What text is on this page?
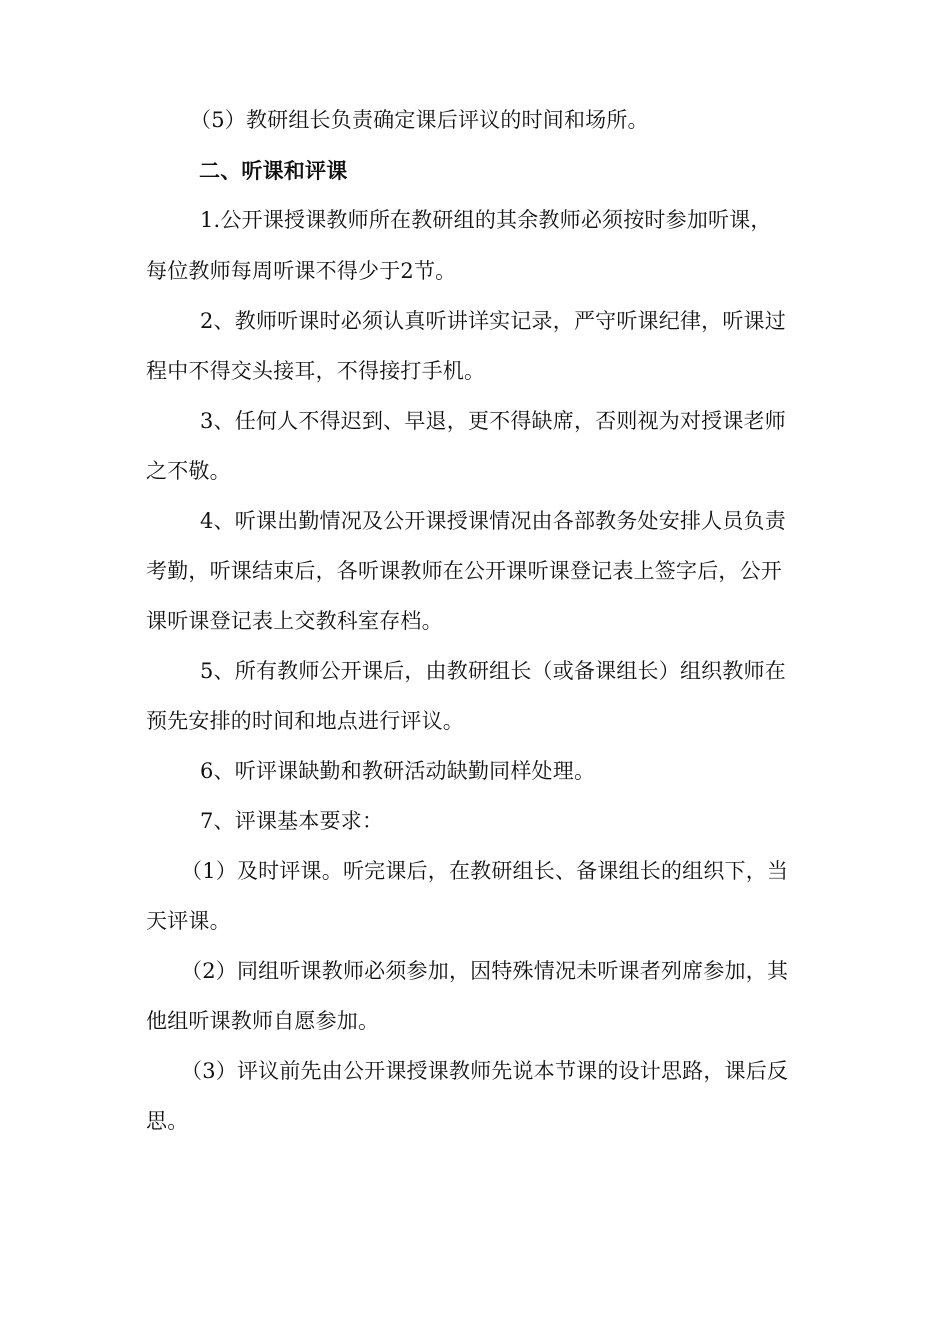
（5）教研组长负责确定课后评议的时间和场所。
二、听课和评课
1.公开课授课教师所在教研组的其余教师必须按时参加听课，
每位教师每周听课不得少于2节。
2、教师听课时必须认真听讲详实记录，严守听课纪律，听课过
程中不得交头接耳，不得接打手机。
3、任何人不得迟到、早退，更不得缺席，否则视为对授课老师
之不敬。
4、听课出勤情况及公开课授课情况由各部教务处安排人员负责
考勤，听课结束后，各听课教师在公开课听课登记表上签字后，公开
课听课登记表上交教科室存档。
5、所有教师公开课后，由教研组长（或备课组长）组织教师在
预先安排的时间和地点进行评议。
6、听评课缺勤和教研活动缺勤同样处理。
7、评课基本要求：
（1）及时评课。听完课后，在教研组长、备课组长的组织下，当
天评课。
（2）同组听课教师必须参加，因特殊情况未听课者列席参加，其
他组听课教师自愿参加。
（3）评议前先由公开课授课教师先说本节课的设计思路，课后反
思。
